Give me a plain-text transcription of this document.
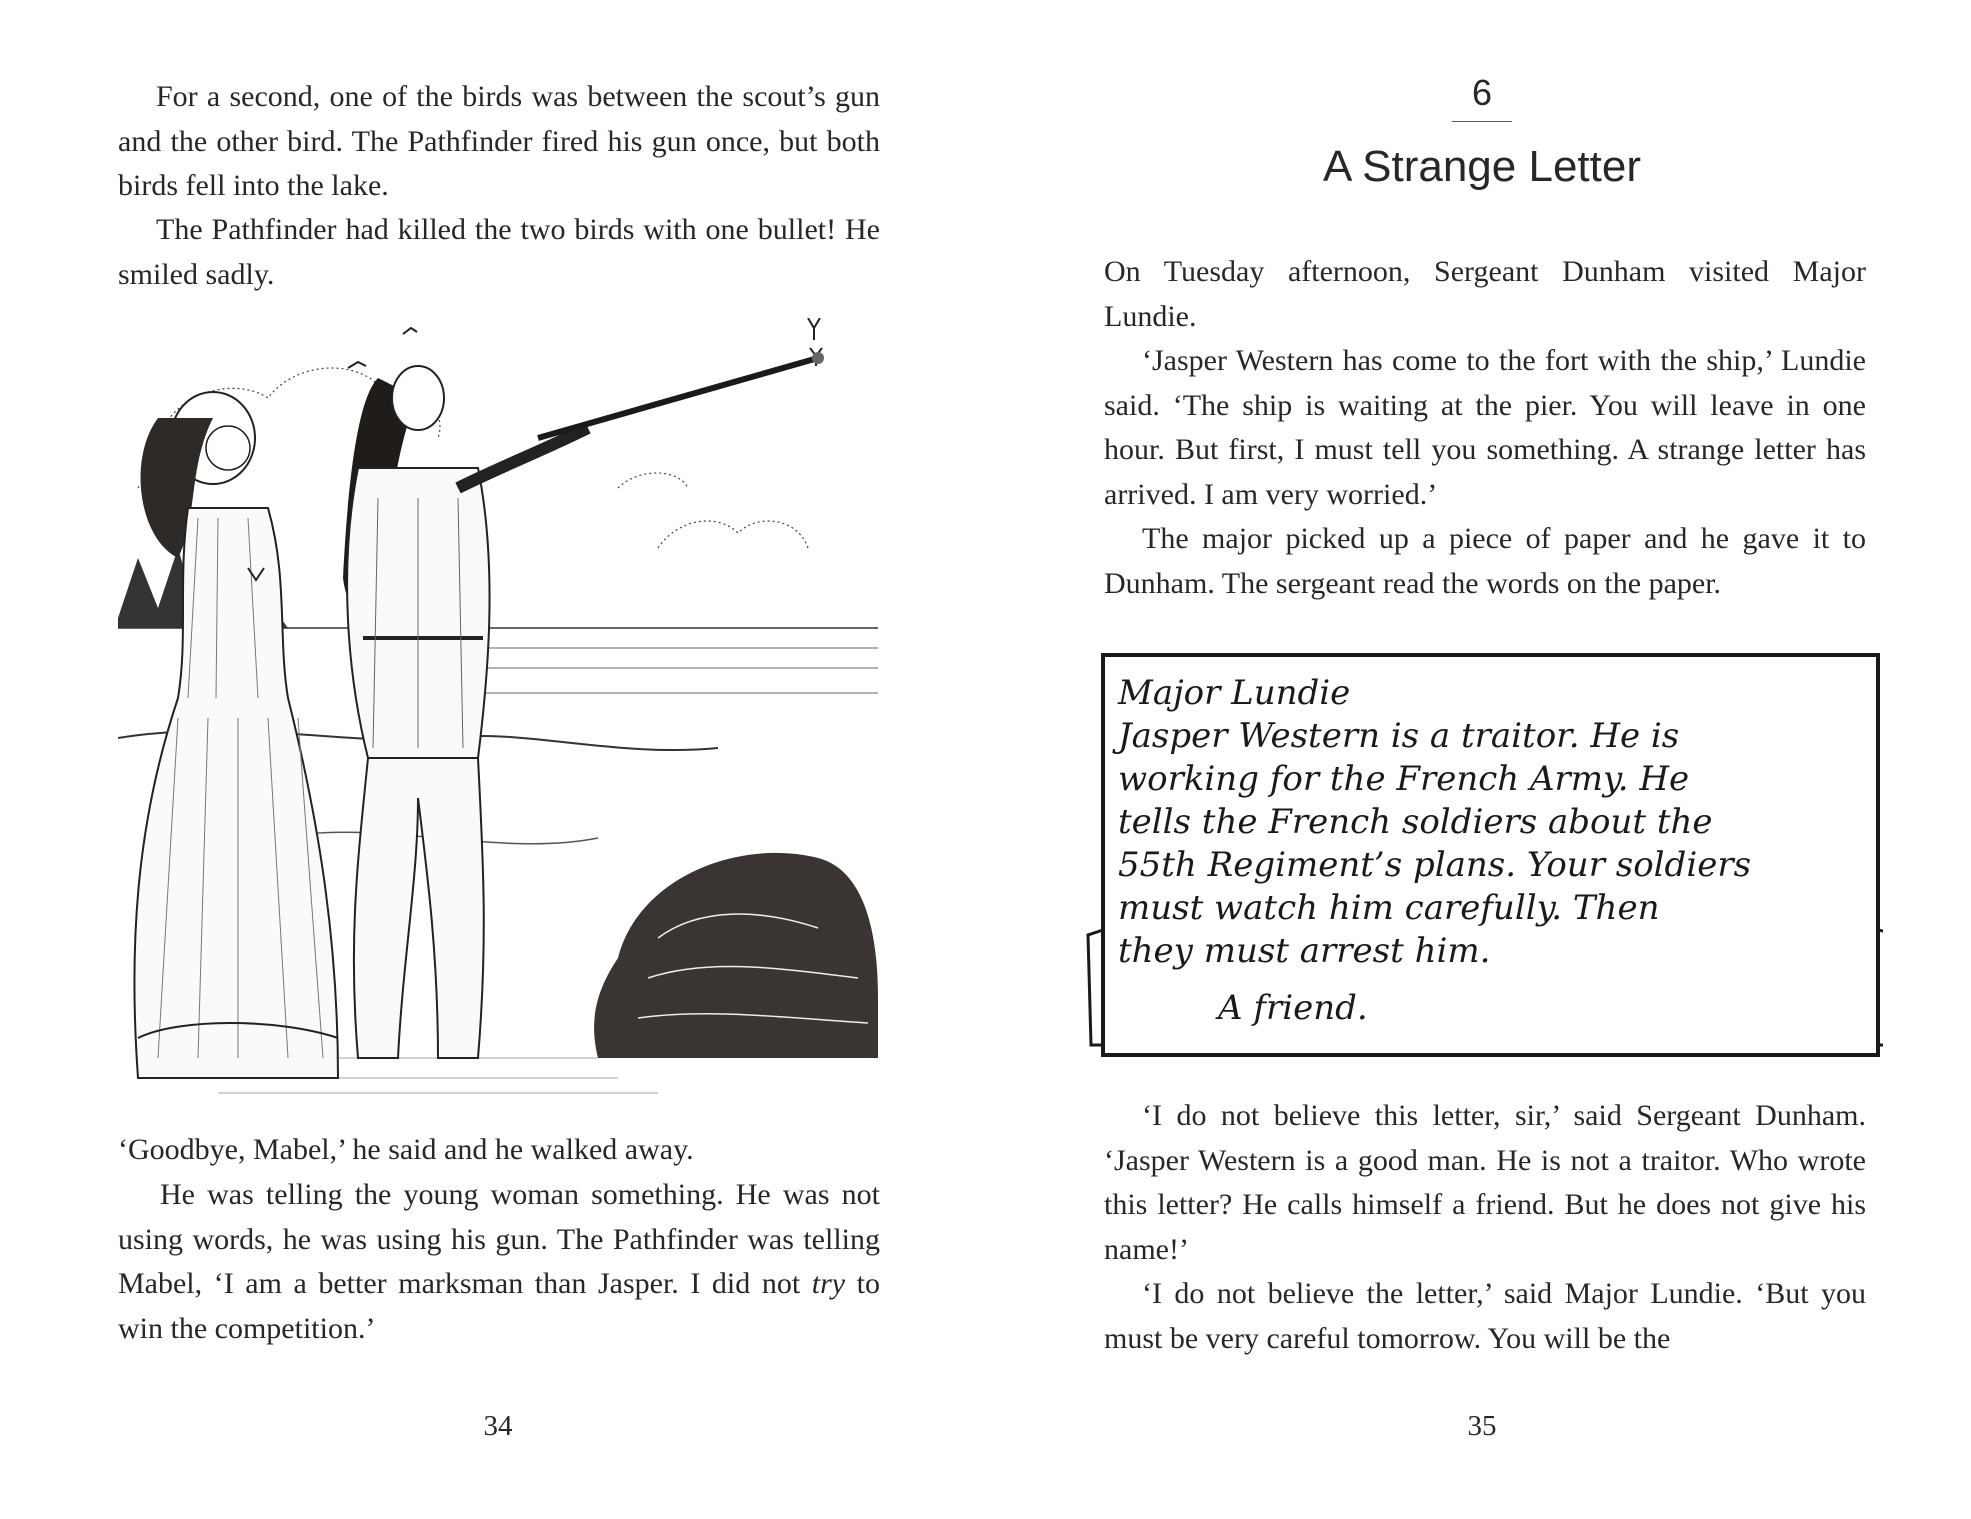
For a second, one of the birds was between the scout’s gun and the other bird. The Pathfinder fired his gun once, but both birds fell into the lake.

The Pathfinder had killed the two birds with one bullet! He smiled sadly.

‘Goodbye, Mabel,’ he said and he walked away.

He was telling the young woman something. He was not using words, he was using his gun. The Pathfinder was telling Mabel, ‘I am a better marksman than Jasper. I did not try to win the competition.’

34
6
A Strange Letter

On Tuesday afternoon, Sergeant Dunham visited Major Lundie.

‘Jasper Western has come to the fort with the ship,’ Lundie said. ‘The ship is waiting at the pier. You will leave in one hour. But first, I must tell you something. A strange letter has arrived. I am very worried.’

The major picked up a piece of paper and he gave it to Dunham. The sergeant read the words on the paper.

Major Lundie
Jasper Western is a traitor. He is
working for the French Army. He
tells the French soldiers about the
55th Regiment’s plans. Your soldiers
must watch him carefully. Then
they must arrest him.
A friend.

‘I do not believe this letter, sir,’ said Sergeant Dunham. ‘Jasper Western is a good man. He is not a traitor. Who wrote this letter? He calls himself a friend. But he does not give his name!’

‘I do not believe the letter,’ said Major Lundie. ‘But you must be very careful tomorrow. You will be the

35
